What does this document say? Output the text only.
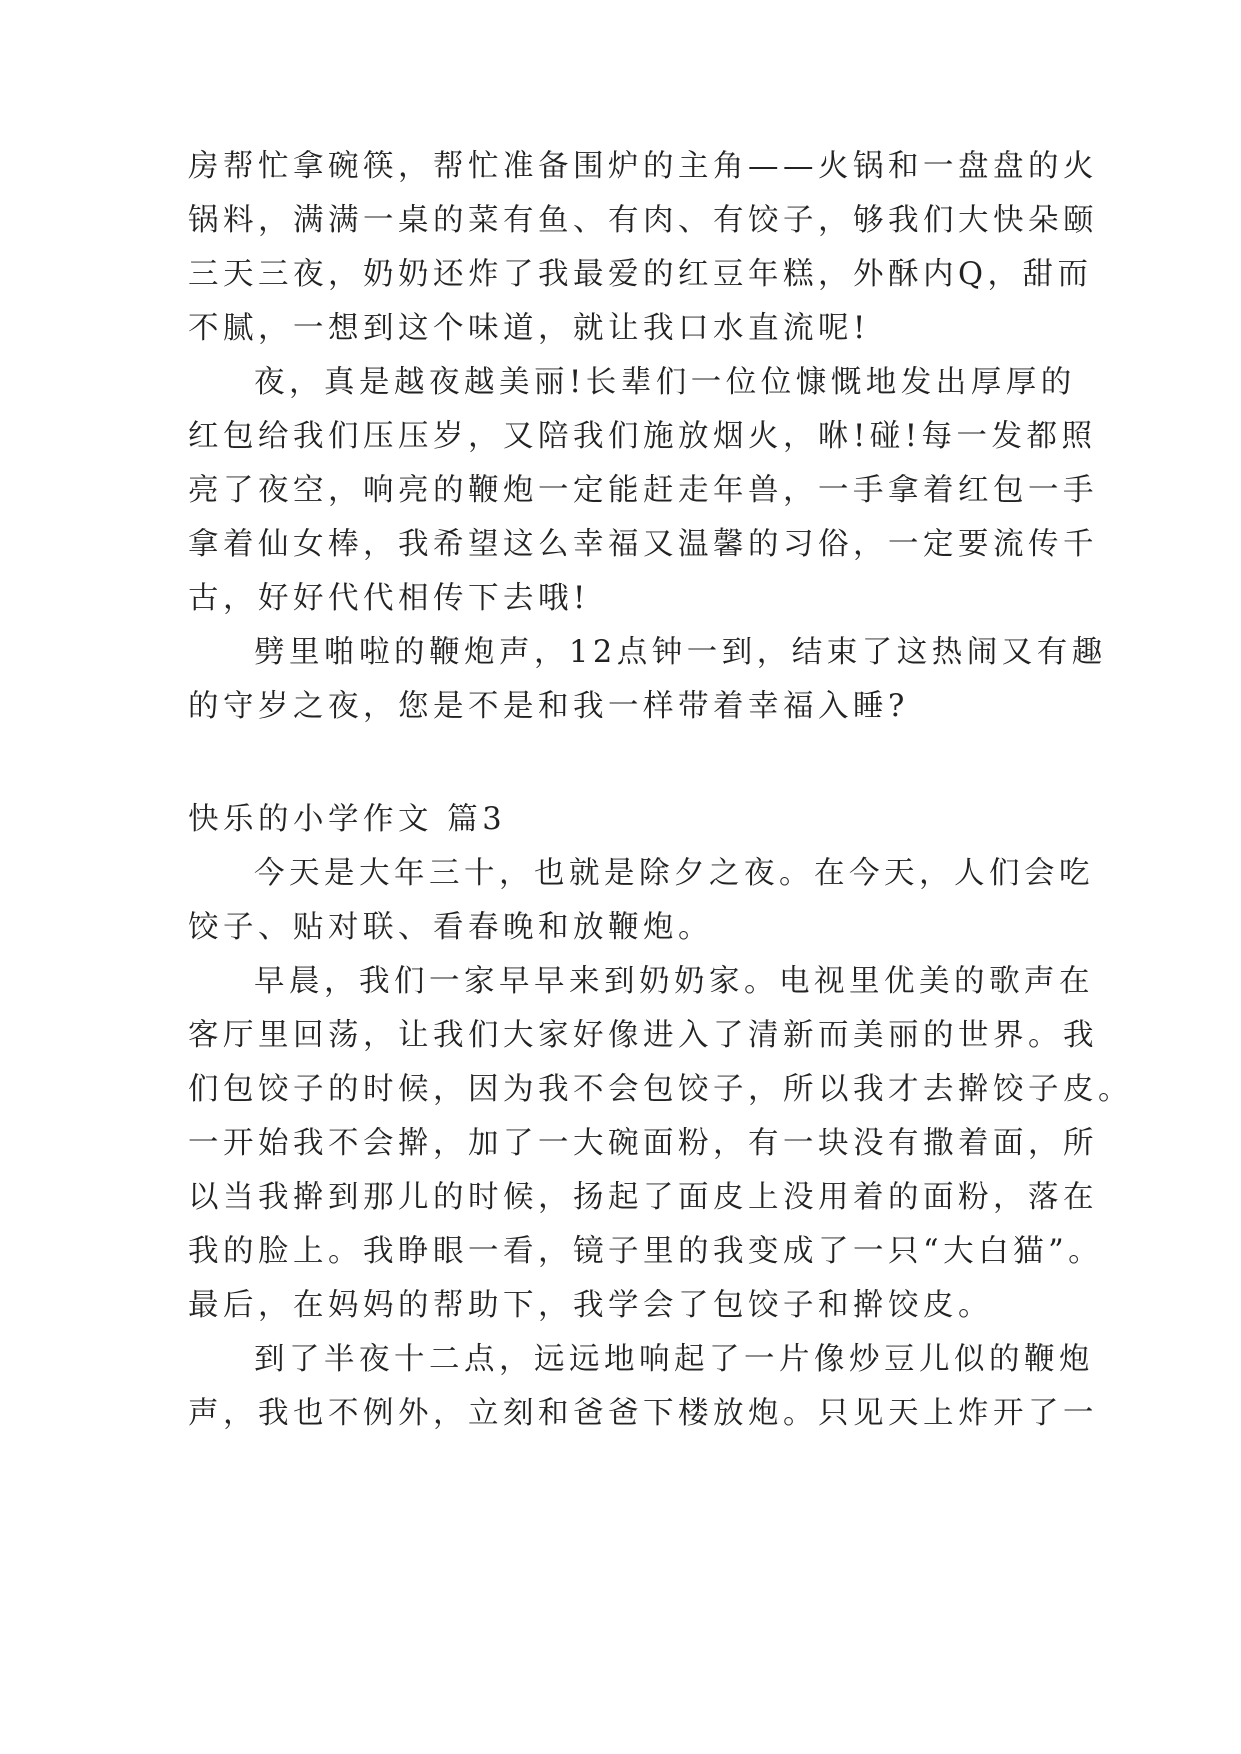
房帮忙拿碗筷，帮忙准备围炉的主角——火锅和一盘盘的火
锅料，满满一桌的菜有鱼、有肉、有饺子，够我们大快朵颐
三天三夜，奶奶还炸了我最爱的红豆年糕，外酥内Q，甜而
不腻，一想到这个味道，就让我口水直流呢!
夜，真是越夜越美丽!长辈们一位位慷慨地发出厚厚的
红包给我们压压岁，又陪我们施放烟火，咻!碰!每一发都照
亮了夜空，响亮的鞭炮一定能赶走年兽，一手拿着红包一手
拿着仙女棒，我希望这么幸福又温馨的习俗，一定要流传千
古，好好代代相传下去哦!
劈里啪啦的鞭炮声，12点钟一到，结束了这热闹又有趣
的守岁之夜，您是不是和我一样带着幸福入睡?
快乐的小学作文 篇3
今天是大年三十，也就是除夕之夜。在今天，人们会吃
饺子、贴对联、看春晚和放鞭炮。
早晨，我们一家早早来到奶奶家。电视里优美的歌声在
客厅里回荡，让我们大家好像进入了清新而美丽的世界。我
们包饺子的时候，因为我不会包饺子，所以我才去擀饺子皮。
一开始我不会擀，加了一大碗面粉，有一块没有撒着面，所
以当我擀到那儿的时候，扬起了面皮上没用着的面粉，落在
我的脸上。我睁眼一看，镜子里的我变成了一只“大白猫”。
最后，在妈妈的帮助下，我学会了包饺子和擀饺皮。
到了半夜十二点，远远地响起了一片像炒豆儿似的鞭炮
声，我也不例外，立刻和爸爸下楼放炮。只见天上炸开了一
